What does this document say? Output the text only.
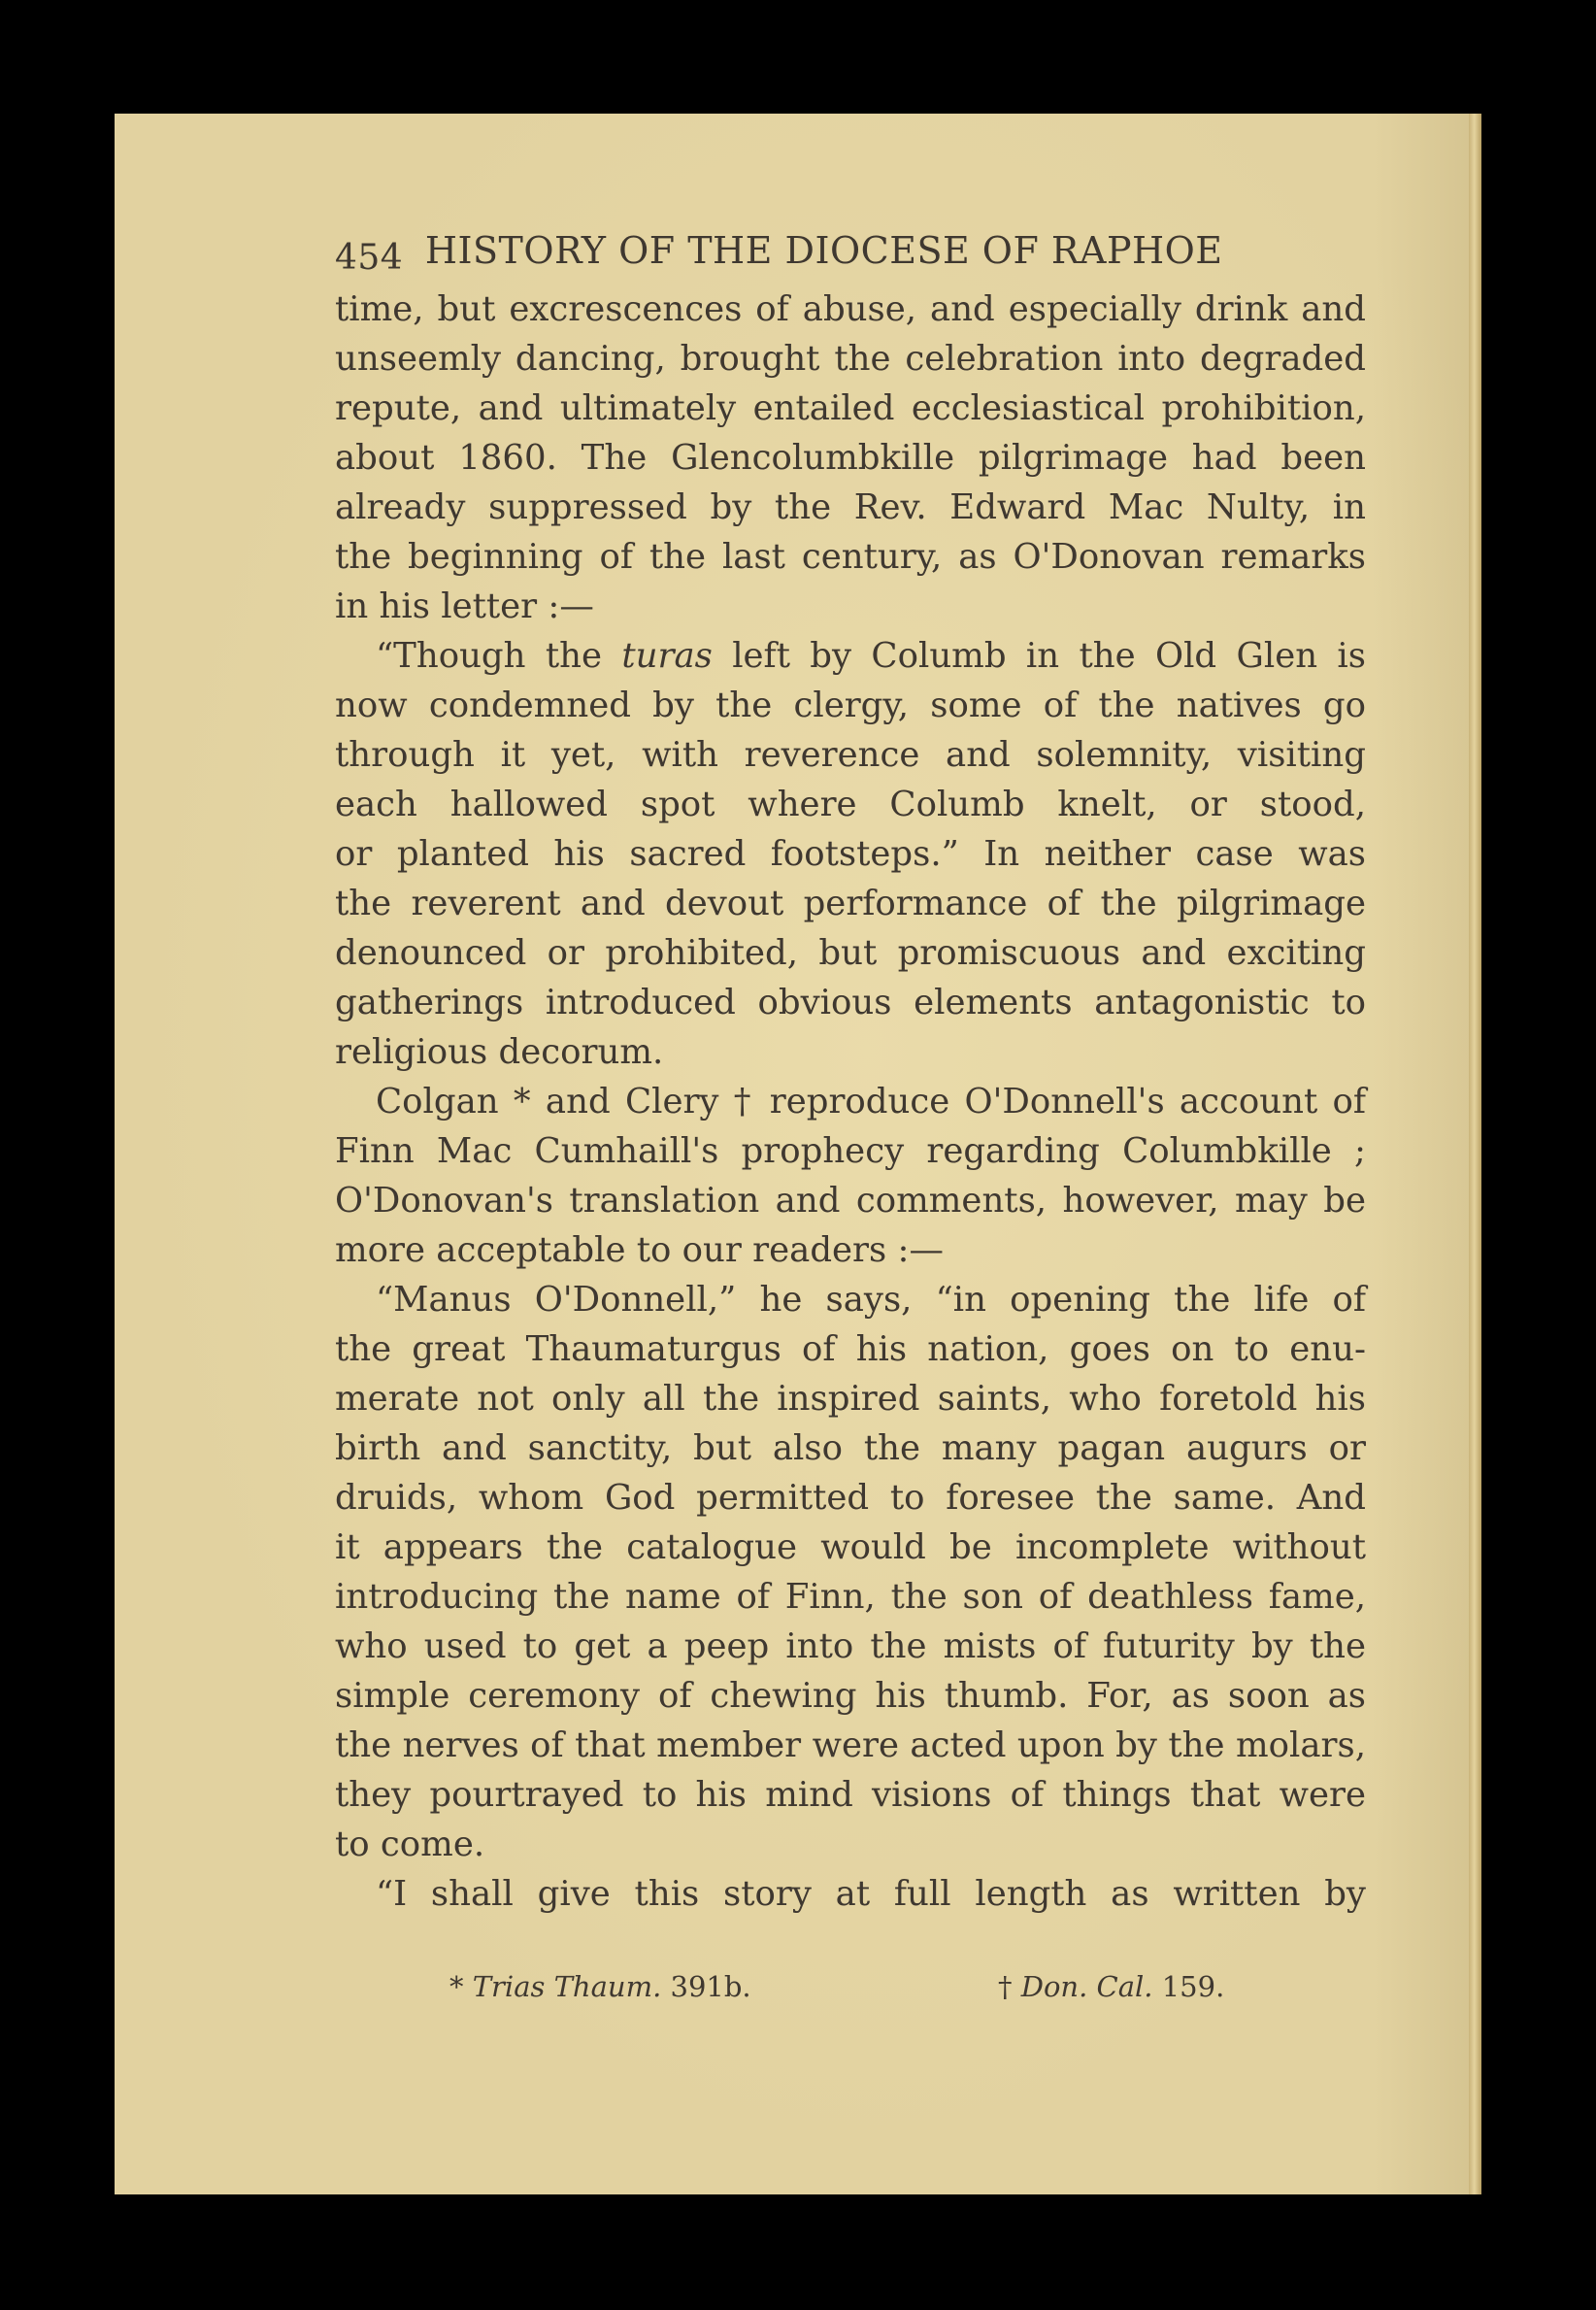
454 HISTORY OF THE DIOCESE OF RAPHOE
time, but excrescences of abuse, and especially drink and
unseemly dancing, brought the celebration into degraded
repute, and ultimately entailed ecclesiastical prohibition,
about 1860. The Glencolumbkille pilgrimage had been
already suppressed by the Rev. Edward Mac Nulty, in
the beginning of the last century, as O'Donovan remarks
in his letter :—
“Though the turas left by Columb in the Old Glen is
now condemned by the clergy, some of the natives go
through it yet, with reverence and solemnity, visiting
each hallowed spot where Columb knelt, or stood,
or planted his sacred footsteps.” In neither case was
the reverent and devout performance of the pilgrimage
denounced or prohibited, but promiscuous and exciting
gatherings introduced obvious elements antagonistic to
religious decorum.
Colgan * and Clery † reproduce O'Donnell's account of
Finn Mac Cumhaill's prophecy regarding Columbkille ;
O'Donovan's translation and comments, however, may be
more acceptable to our readers :—
“Manus O'Donnell,” he says, “in opening the life of
the great Thaumaturgus of his nation, goes on to enu-
merate not only all the inspired saints, who foretold his
birth and sanctity, but also the many pagan augurs or
druids, whom God permitted to foresee the same. And
it appears the catalogue would be incomplete without
introducing the name of Finn, the son of deathless fame,
who used to get a peep into the mists of futurity by the
simple ceremony of chewing his thumb. For, as soon as
the nerves of that member were acted upon by the molars,
they pourtrayed to his mind visions of things that were
to come.
“I shall give this story at full length as written by
* Trias Thaum. 391b.	† Don. Cal. 159.
